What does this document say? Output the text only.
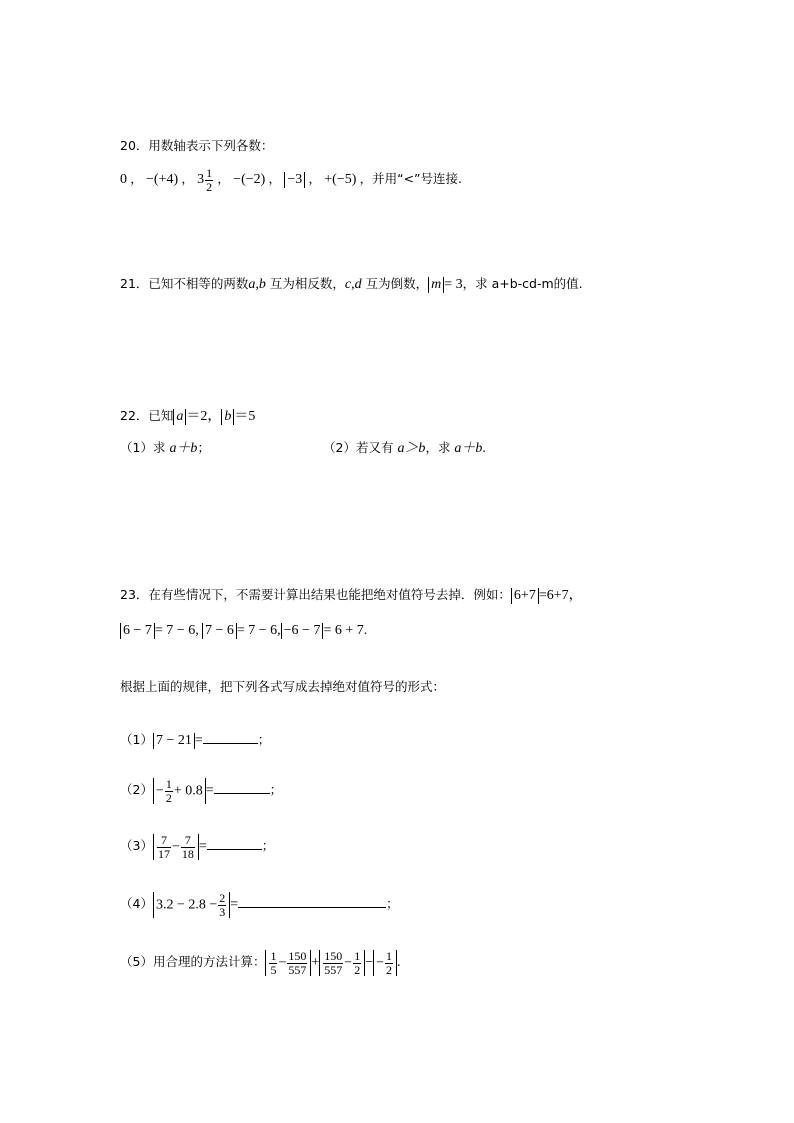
20．用数轴表示下列各数：
0 ， −(+4) ， $3 \frac{1}{2}$ ， −(−2) ， −3 ， +(−5) ，并用“<”号连接.
21．已知不相等的两数a,b 互为相反数，c,d 互为倒数， m = 3，求 a+b-cd-m的值.
22．已知 a ＝2， b ＝5
（1）求 a＋b；	（2）若又有 a＞b，求 a＋b.
23．在有些情况下，不需要计算出结果也能把绝对值符号去掉．例如： 6+7 =6+7，
6 − 7 = 7 − 6, 7 − 6 = 7 − 6, −6 − 7 = 6 + 7.
根据上面的规律，把下列各式写成去掉绝对值符号的形式：
（1） 7 − 21 =	；
$(2) - \frac{1}{2} + 0.8$ =	；
$(3) \frac{7}{17} - \frac{7}{18}$ =	；
（4） $3.2 - 2.8 - \frac{2}{3}$ =	；
（5）用合理的方法计算： $\frac{1}{5} - \frac{150}{557} + \frac{150}{557} - \frac{1}{2}$ − − $\frac{1}{2}$ .
